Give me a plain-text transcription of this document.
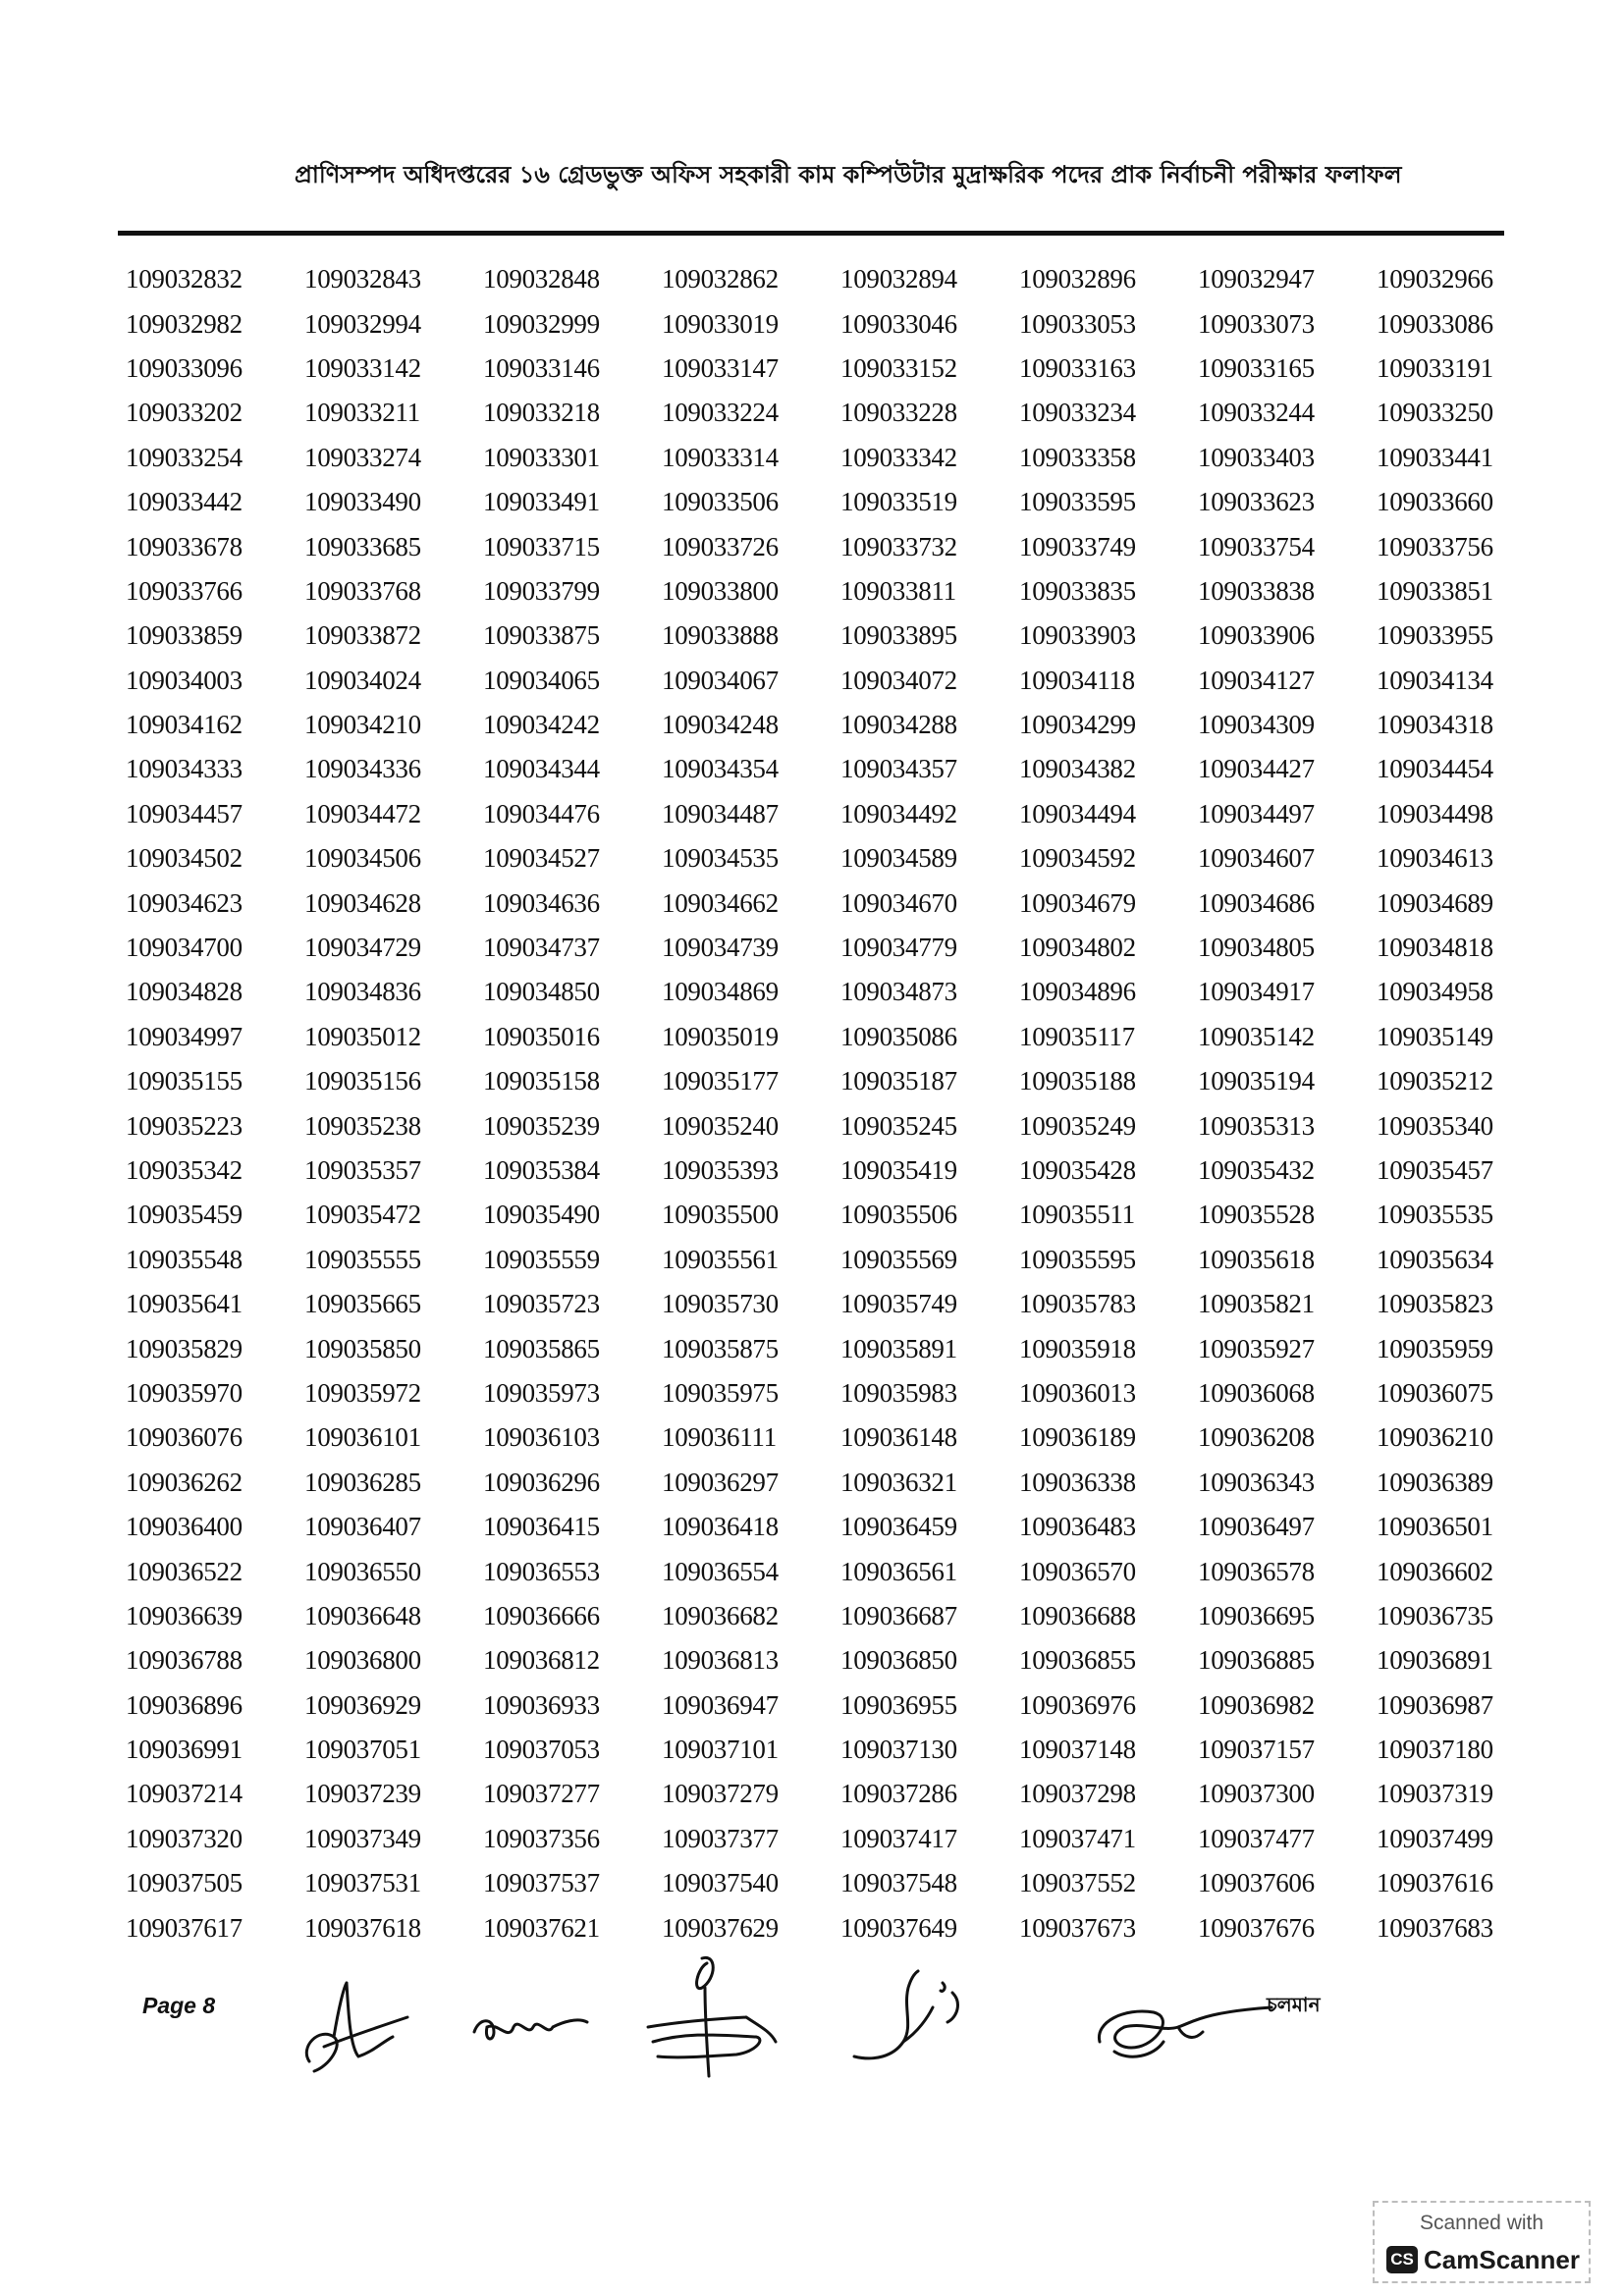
প্রাণিসম্পদ অধিদপ্তরের ১৬ গ্রেডভুক্ত অফিস সহকারী কাম কম্পিউটার মুদ্রাক্ষরিক পদের প্রাক নির্বাচনী পরীক্ষার ফলাফল
109032832	109032843	109032848	109032862	109032894	109032896	109032947	109032966
109032982	109032994	109032999	109033019	109033046	109033053	109033073	109033086
109033096	109033142	109033146	109033147	109033152	109033163	109033165	109033191
109033202	109033211	109033218	109033224	109033228	109033234	109033244	109033250
109033254	109033274	109033301	109033314	109033342	109033358	109033403	109033441
109033442	109033490	109033491	109033506	109033519	109033595	109033623	109033660
109033678	109033685	109033715	109033726	109033732	109033749	109033754	109033756
109033766	109033768	109033799	109033800	109033811	109033835	109033838	109033851
109033859	109033872	109033875	109033888	109033895	109033903	109033906	109033955
109034003	109034024	109034065	109034067	109034072	109034118	109034127	109034134
109034162	109034210	109034242	109034248	109034288	109034299	109034309	109034318
109034333	109034336	109034344	109034354	109034357	109034382	109034427	109034454
109034457	109034472	109034476	109034487	109034492	109034494	109034497	109034498
109034502	109034506	109034527	109034535	109034589	109034592	109034607	109034613
109034623	109034628	109034636	109034662	109034670	109034679	109034686	109034689
109034700	109034729	109034737	109034739	109034779	109034802	109034805	109034818
109034828	109034836	109034850	109034869	109034873	109034896	109034917	109034958
109034997	109035012	109035016	109035019	109035086	109035117	109035142	109035149
109035155	109035156	109035158	109035177	109035187	109035188	109035194	109035212
109035223	109035238	109035239	109035240	109035245	109035249	109035313	109035340
109035342	109035357	109035384	109035393	109035419	109035428	109035432	109035457
109035459	109035472	109035490	109035500	109035506	109035511	109035528	109035535
109035548	109035555	109035559	109035561	109035569	109035595	109035618	109035634
109035641	109035665	109035723	109035730	109035749	109035783	109035821	109035823
109035829	109035850	109035865	109035875	109035891	109035918	109035927	109035959
109035970	109035972	109035973	109035975	109035983	109036013	109036068	109036075
109036076	109036101	109036103	109036111	109036148	109036189	109036208	109036210
109036262	109036285	109036296	109036297	109036321	109036338	109036343	109036389
109036400	109036407	109036415	109036418	109036459	109036483	109036497	109036501
109036522	109036550	109036553	109036554	109036561	109036570	109036578	109036602
109036639	109036648	109036666	109036682	109036687	109036688	109036695	109036735
109036788	109036800	109036812	109036813	109036850	109036855	109036885	109036891
109036896	109036929	109036933	109036947	109036955	109036976	109036982	109036987
109036991	109037051	109037053	109037101	109037130	109037148	109037157	109037180
109037214	109037239	109037277	109037279	109037286	109037298	109037300	109037319
109037320	109037349	109037356	109037377	109037417	109037471	109037477	109037499
109037505	109037531	109037537	109037540	109037548	109037552	109037606	109037616
109037617	109037618	109037621	109037629	109037649	109037673	109037676	109037683
Page 8	চলমান
Scanned with
CS CamScanner
